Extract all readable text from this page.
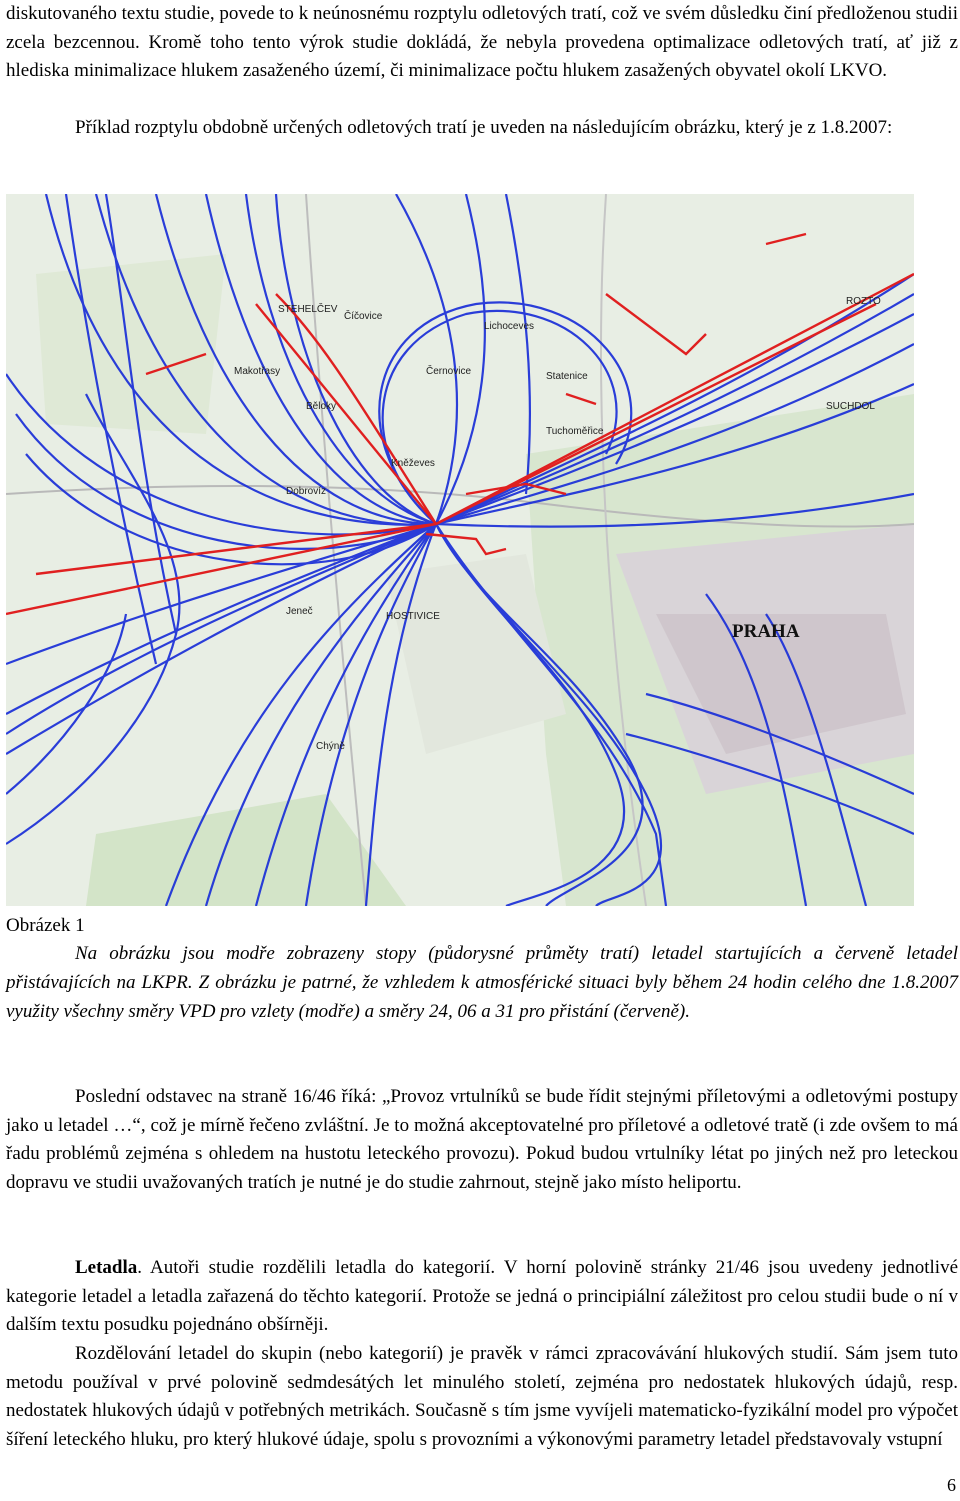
diskutovaného textu studie, povede to k neúnosnému rozptylu odletových tratí, což ve svém důsledku činí předloženou studii zcela bezcennou. Kromě toho tento výrok studie dokládá, že nebyla provedena optimalizace odletových tratí, ať již z hlediska minimalizace hlukem zasaženého území, či minimalizace počtu hlukem zasažených obyvatel okolí LKVO.

Příklad rozptylu obdobně určených odletových tratí je uveden na následujícím obrázku, který je z 1.8.2007:

STEHELČEV
Číčovice
Lichoceves
Černovice
Kněževes
Dobrovíz
HOSTIVICE
Jeneč
Chýně
ROZTO
SUCHDOL
Statenice
Tuchoměřice
Makotřasy
Běloky
PRAHA
Obrázek 1
Na obrázku jsou modře zobrazeny stopy (půdorysné průměty tratí) letadel startujících a červeně letadel přistávajících na LKPR. Z obrázku je patrné, že vzhledem k atmosférické situaci byly během 24 hodin celého dne 1.8.2007 využity všechny směry VPD pro vzlety (modře) a směry 24, 06 a 31 pro přistání (červeně).

Poslední odstavec na straně 16/46 říká: „Provoz vrtulníků se bude řídit stejnými příletovými a odletovými postupy jako u letadel …“, což je mírně řečeno zvláštní. Je to možná akceptovatelné pro příletové a odletové tratě (i zde ovšem to má řadu problémů zejména s ohledem na hustotu leteckého provozu). Pokud budou vrtulníky létat po jiných než pro leteckou dopravu ve studii uvažovaných tratích je nutné je do studie zahrnout, stejně jako místo heliportu.

Letadla. Autoři studie rozdělili letadla do kategorií. V horní polovině stránky 21/46 jsou uvedeny jednotlivé kategorie letadel a letadla zařazená do těchto kategorií. Protože se jedná o principiální záležitost pro celou studii bude o ní v dalším textu posudku pojednáno obšírněji.

Rozdělování letadel do skupin (nebo kategorií) je pravěk v rámci zpracovávání hlukových studií. Sám jsem tuto metodu používal v prvé polovině sedmdesátých let minulého století, zejména pro nedostatek hlukových údajů, resp. nedostatek hlukových údajů v potřebných metrikách. Současně s tím jsme vyvíjeli matematicko-fyzikální model pro výpočet šíření leteckého hluku, pro který hlukové údaje, spolu s provozními a výkonovými parametry letadel představovaly vstupní

6
